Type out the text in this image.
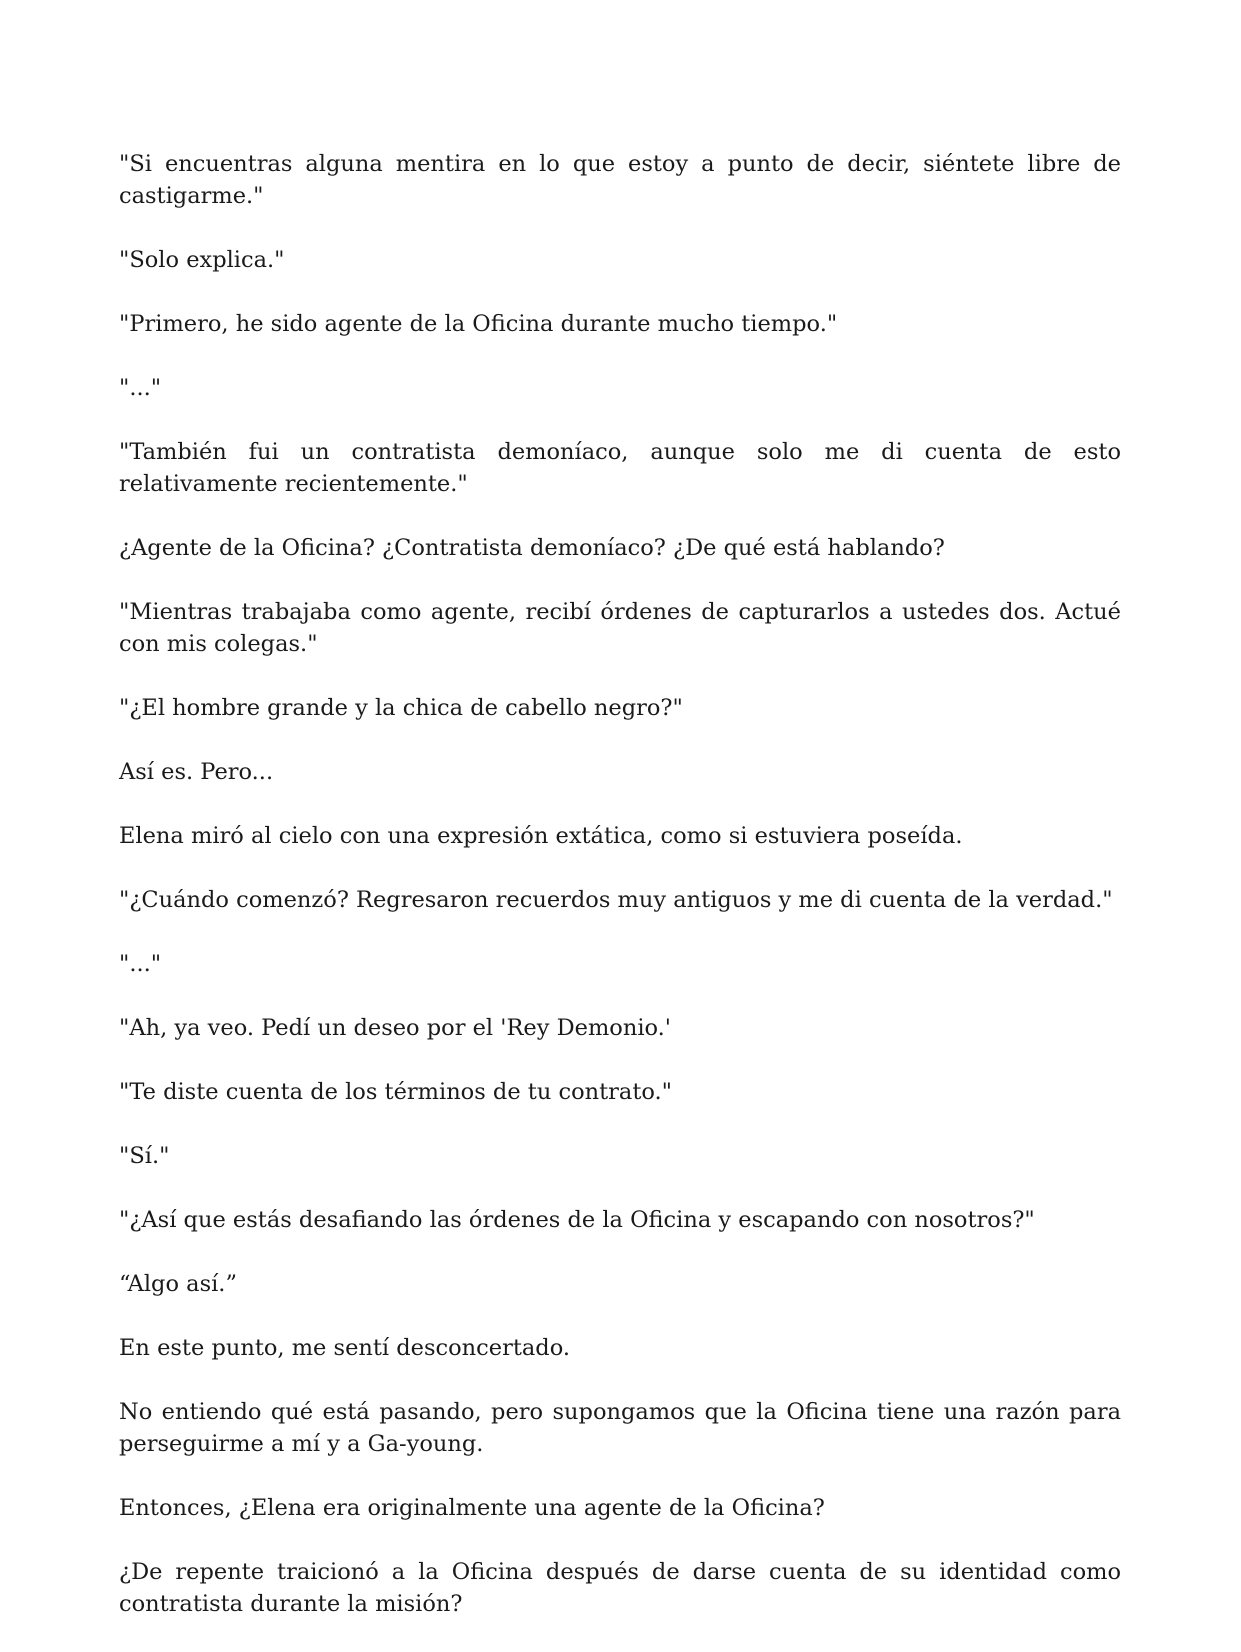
"Si encuentras alguna mentira en lo que estoy a punto de decir, siéntete libre de castigarme."

"Solo explica."

"Primero, he sido agente de la Oficina durante mucho tiempo."

"..."

"También fui un contratista demoníaco, aunque solo me di cuenta de esto relativamente recientemente."

¿Agente de la Oficina? ¿Contratista demoníaco? ¿De qué está hablando?

"Mientras trabajaba como agente, recibí órdenes de capturarlos a ustedes dos. Actué con mis colegas."

"¿El hombre grande y la chica de cabello negro?"

Así es. Pero...

Elena miró al cielo con una expresión extática, como si estuviera poseída.

"¿Cuándo comenzó? Regresaron recuerdos muy antiguos y me di cuenta de la verdad."

"..."

"Ah, ya veo. Pedí un deseo por el 'Rey Demonio.'

"Te diste cuenta de los términos de tu contrato."

"Sí."

"¿Así que estás desafiando las órdenes de la Oficina y escapando con nosotros?"

“Algo así.”

En este punto, me sentí desconcertado.

No entiendo qué está pasando, pero supongamos que la Oficina tiene una razón para perseguirme a mí y a Ga-young.

Entonces, ¿Elena era originalmente una agente de la Oficina?

¿De repente traicionó a la Oficina después de darse cuenta de su identidad como contratista durante la misión?
